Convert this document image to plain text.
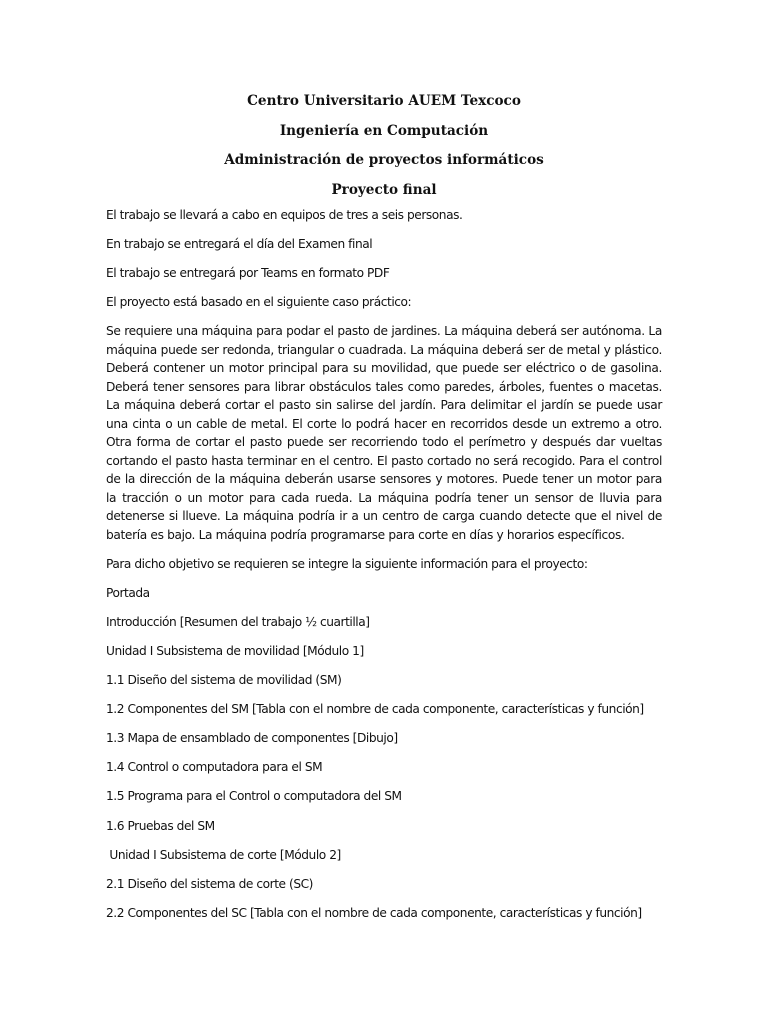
Centro Universitario AUEM Texcoco

Ingeniería en Computación

Administración de proyectos informáticos

Proyecto final

El trabajo se llevará a cabo en equipos de tres a seis personas.

En trabajo se entregará el día del Examen final

El trabajo se entregará por Teams en formato PDF

El proyecto está basado en el siguiente caso práctico:

Se requiere una máquina para podar el pasto de jardines. La máquina deberá ser autónoma. La máquina puede ser redonda, triangular o cuadrada. La máquina deberá ser de metal y plástico. Deberá contener un motor principal para su movilidad, que puede ser eléctrico o de gasolina. Deberá tener sensores para librar obstáculos tales como paredes, árboles, fuentes o macetas. La máquina deberá cortar el pasto sin salirse del jardín. Para delimitar el jardín se puede usar una cinta o un cable de metal. El corte lo podrá hacer en recorridos desde un extremo a otro. Otra forma de cortar el pasto puede ser recorriendo todo el perímetro y después dar vueltas cortando el pasto hasta terminar en el centro. El pasto cortado no será recogido. Para el control de la dirección de la máquina deberán usarse sensores y motores. Puede tener un motor para la tracción o un motor para cada rueda. La máquina podría tener un sensor de lluvia para detenerse si llueve. La máquina podría ir a un centro de carga cuando detecte que el nivel de batería es bajo. La máquina podría programarse para corte en días y horarios específicos.

Para dicho objetivo se requieren se integre la siguiente información para el proyecto:

Portada

Introducción [Resumen del trabajo ½ cuartilla]

Unidad I Subsistema de movilidad [Módulo 1]

1.1 Diseño del sistema de movilidad (SM)

1.2 Componentes del SM [Tabla con el nombre de cada componente, características y función]

1.3 Mapa de ensamblado de componentes [Dibujo]

1.4 Control o computadora para el SM

1.5 Programa para el Control o computadora del SM

1.6 Pruebas del SM

Unidad I Subsistema de corte [Módulo 2]

2.1 Diseño del sistema de corte (SC)

2.2 Componentes del SC [Tabla con el nombre de cada componente, características y función]
